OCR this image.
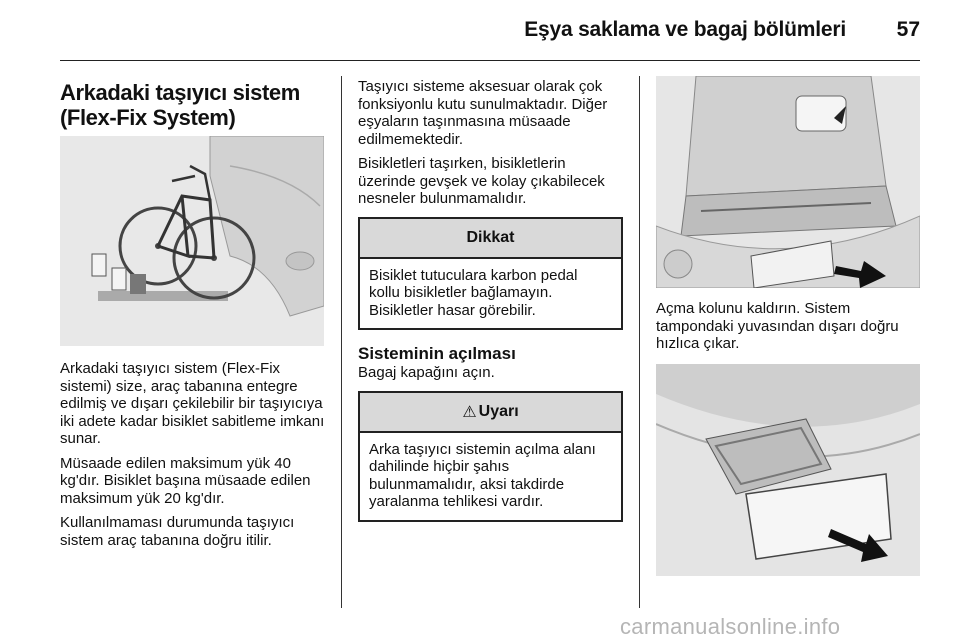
Eşya saklama ve bagaj bölümleri 57
Arkadaki taşıyıcı sistem
(Flex-Fix System)

Arkadaki taşıyıcı sistem (Flex-Fix sistemi) size, araç tabanına entegre edilmiş ve dışarı çekilebilir bir taşıyıcıya iki adete kadar bisiklet sabitleme imkanı sunar.

Müsaade edilen maksimum yük 40 kg'dır. Bisiklet başına müsaade edilen maksimum yük 20 kg'dır.

Kullanılmaması durumunda taşıyıcı sistem araç tabanına doğru itilir.

Taşıyıcı sisteme aksesuar olarak çok fonksiyonlu kutu sunulmaktadır. Diğer eşyaların taşınmasına müsaade edilmemektedir.

Bisikletleri taşırken, bisikletlerin üzerinde gevşek ve kolay çıkabilecek nesneler bulunmamalıdır.

Dikkat
Bisiklet tutuculara karbon pedal kollu bisikletler bağlamayın. Bisikletler hasar görebilir.
Sisteminin açılması

Bagaj kapağını açın.

⚠ Uyarı
Arka taşıyıcı sistemin açılma alanı dahilinde hiçbir şahıs bulunmamalıdır, aksi takdirde yaralanma tehlikesi vardır.

Açma kolunu kaldırın. Sistem tampondaki yuvasından dışarı doğru hızlıca çıkar.

carmanualsonline.info
